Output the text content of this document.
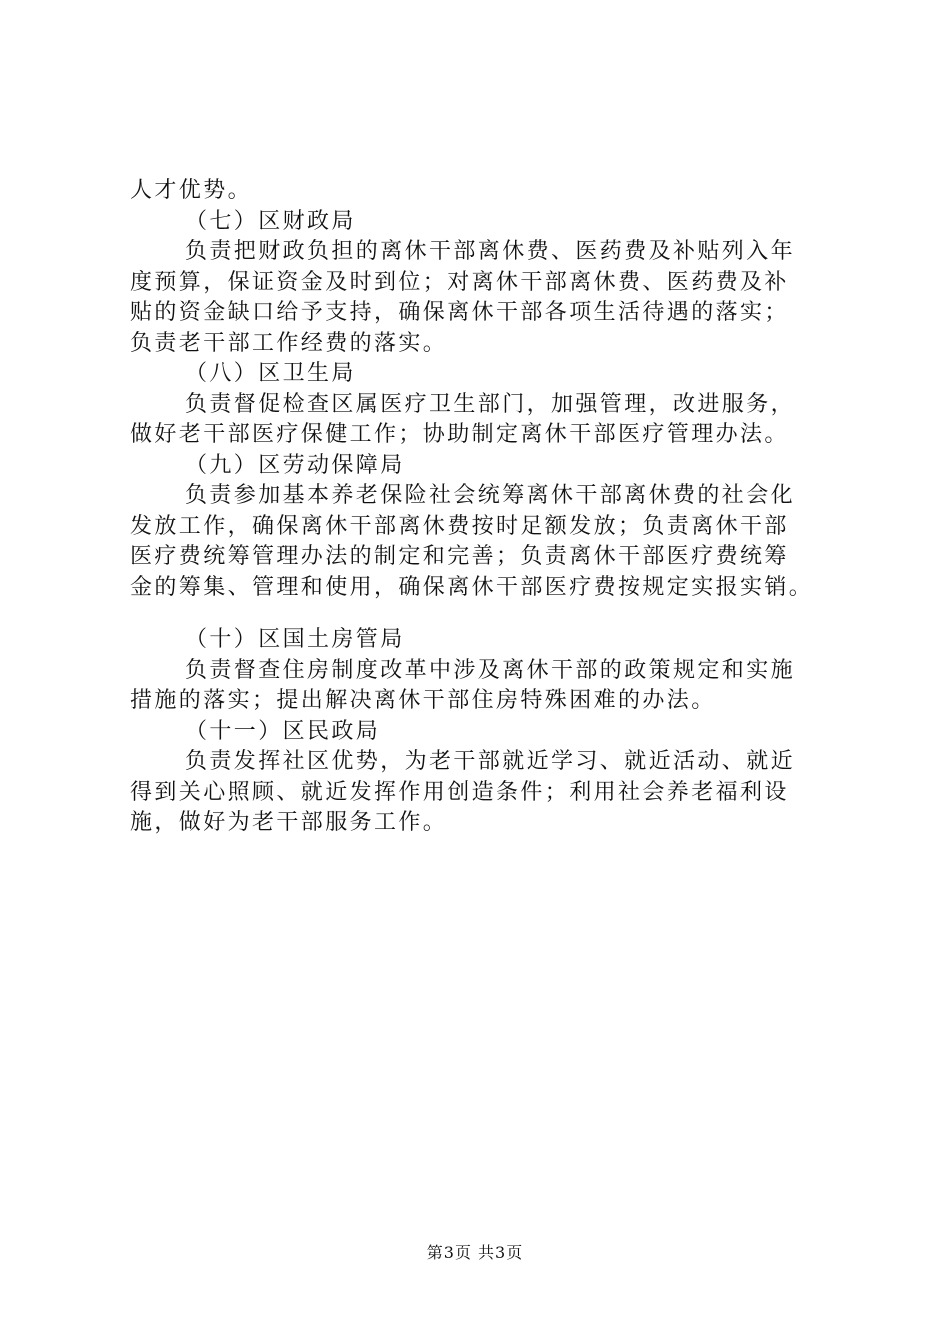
人才优势。
（七）区财政局
负责把财政负担的离休干部离休费、医药费及补贴列入年
度预算，保证资金及时到位；对离休干部离休费、医药费及补
贴的资金缺口给予支持，确保离休干部各项生活待遇的落实；
负责老干部工作经费的落实。
（八）区卫生局
负责督促检查区属医疗卫生部门，加强管理，改进服务，
做好老干部医疗保健工作；协助制定离休干部医疗管理办法。
（九）区劳动保障局
负责参加基本养老保险社会统筹离休干部离休费的社会化
发放工作，确保离休干部离休费按时足额发放；负责离休干部
医疗费统筹管理办法的制定和完善；负责离休干部医疗费统筹
金的筹集、管理和使用，确保离休干部医疗费按规定实报实销。
（十）区国土房管局
负责督查住房制度改革中涉及离休干部的政策规定和实施
措施的落实；提出解决离休干部住房特殊困难的办法。
（十一）区民政局
负责发挥社区优势，为老干部就近学习、就近活动、就近
得到关心照顾、就近发挥作用创造条件；利用社会养老福利设
施，做好为老干部服务工作。
第3页 共3页
